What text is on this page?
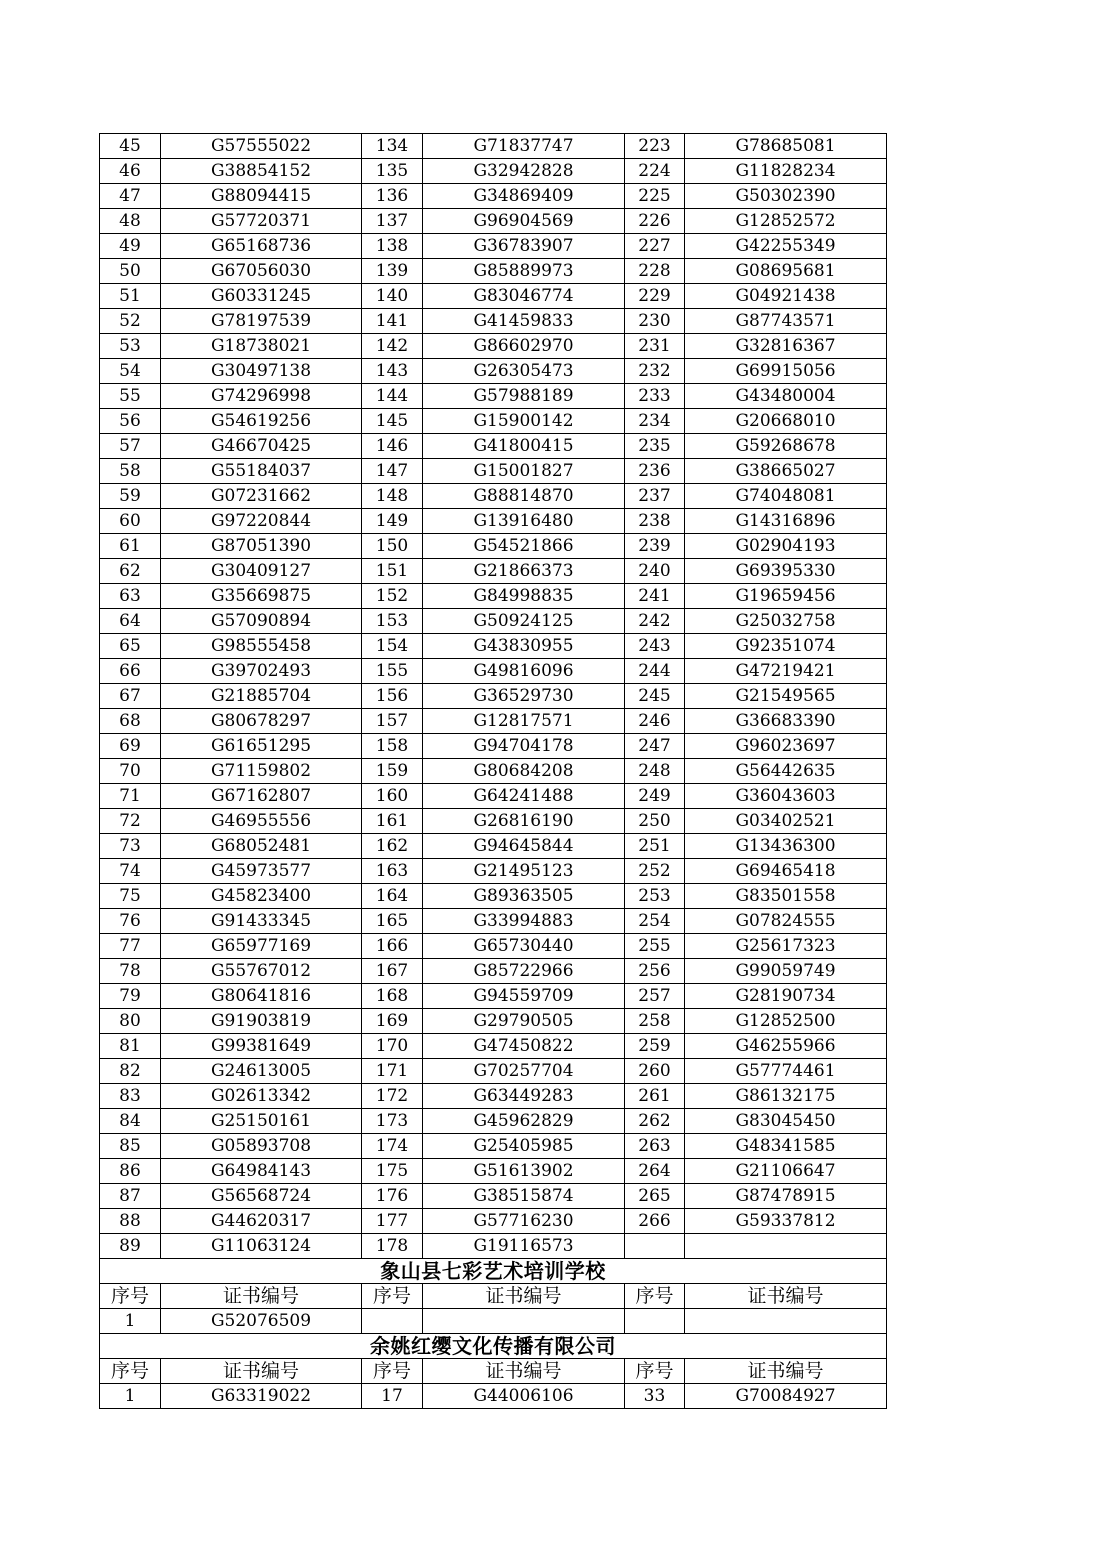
45	G57555022	134	G71837747	223	G78685081
46	G38854152	135	G32942828	224	G11828234
47	G88094415	136	G34869409	225	G50302390
48	G57720371	137	G96904569	226	G12852572
49	G65168736	138	G36783907	227	G42255349
50	G67056030	139	G85889973	228	G08695681
51	G60331245	140	G83046774	229	G04921438
52	G78197539	141	G41459833	230	G87743571
53	G18738021	142	G86602970	231	G32816367
54	G30497138	143	G26305473	232	G69915056
55	G74296998	144	G57988189	233	G43480004
56	G54619256	145	G15900142	234	G20668010
57	G46670425	146	G41800415	235	G59268678
58	G55184037	147	G15001827	236	G38665027
59	G07231662	148	G88814870	237	G74048081
60	G97220844	149	G13916480	238	G14316896
61	G87051390	150	G54521866	239	G02904193
62	G30409127	151	G21866373	240	G69395330
63	G35669875	152	G84998835	241	G19659456
64	G57090894	153	G50924125	242	G25032758
65	G98555458	154	G43830955	243	G92351074
66	G39702493	155	G49816096	244	G47219421
67	G21885704	156	G36529730	245	G21549565
68	G80678297	157	G12817571	246	G36683390
69	G61651295	158	G94704178	247	G96023697
70	G71159802	159	G80684208	248	G56442635
71	G67162807	160	G64241488	249	G36043603
72	G46955556	161	G26816190	250	G03402521
73	G68052481	162	G94645844	251	G13436300
74	G45973577	163	G21495123	252	G69465418
75	G45823400	164	G89363505	253	G83501558
76	G91433345	165	G33994883	254	G07824555
77	G65977169	166	G65730440	255	G25617323
78	G55767012	167	G85722966	256	G99059749
79	G80641816	168	G94559709	257	G28190734
80	G91903819	169	G29790505	258	G12852500
81	G99381649	170	G47450822	259	G46255966
82	G24613005	171	G70257704	260	G57774461
83	G02613342	172	G63449283	261	G86132175
84	G25150161	173	G45962829	262	G83045450
85	G05893708	174	G25405985	263	G48341585
86	G64984143	175	G51613902	264	G21106647
87	G56568724	176	G38515874	265	G87478915
88	G44620317	177	G57716230	266	G59337812
89	G11063124	178	G19116573		
象山县七彩艺术培训学校					
序号	证书编号	序号	证书编号	序号	证书编号
1	G52076509				
余姚红缨文化传播有限公司					
序号	证书编号	序号	证书编号	序号	证书编号
1	G63319022	17	G44006106	33	G70084927
